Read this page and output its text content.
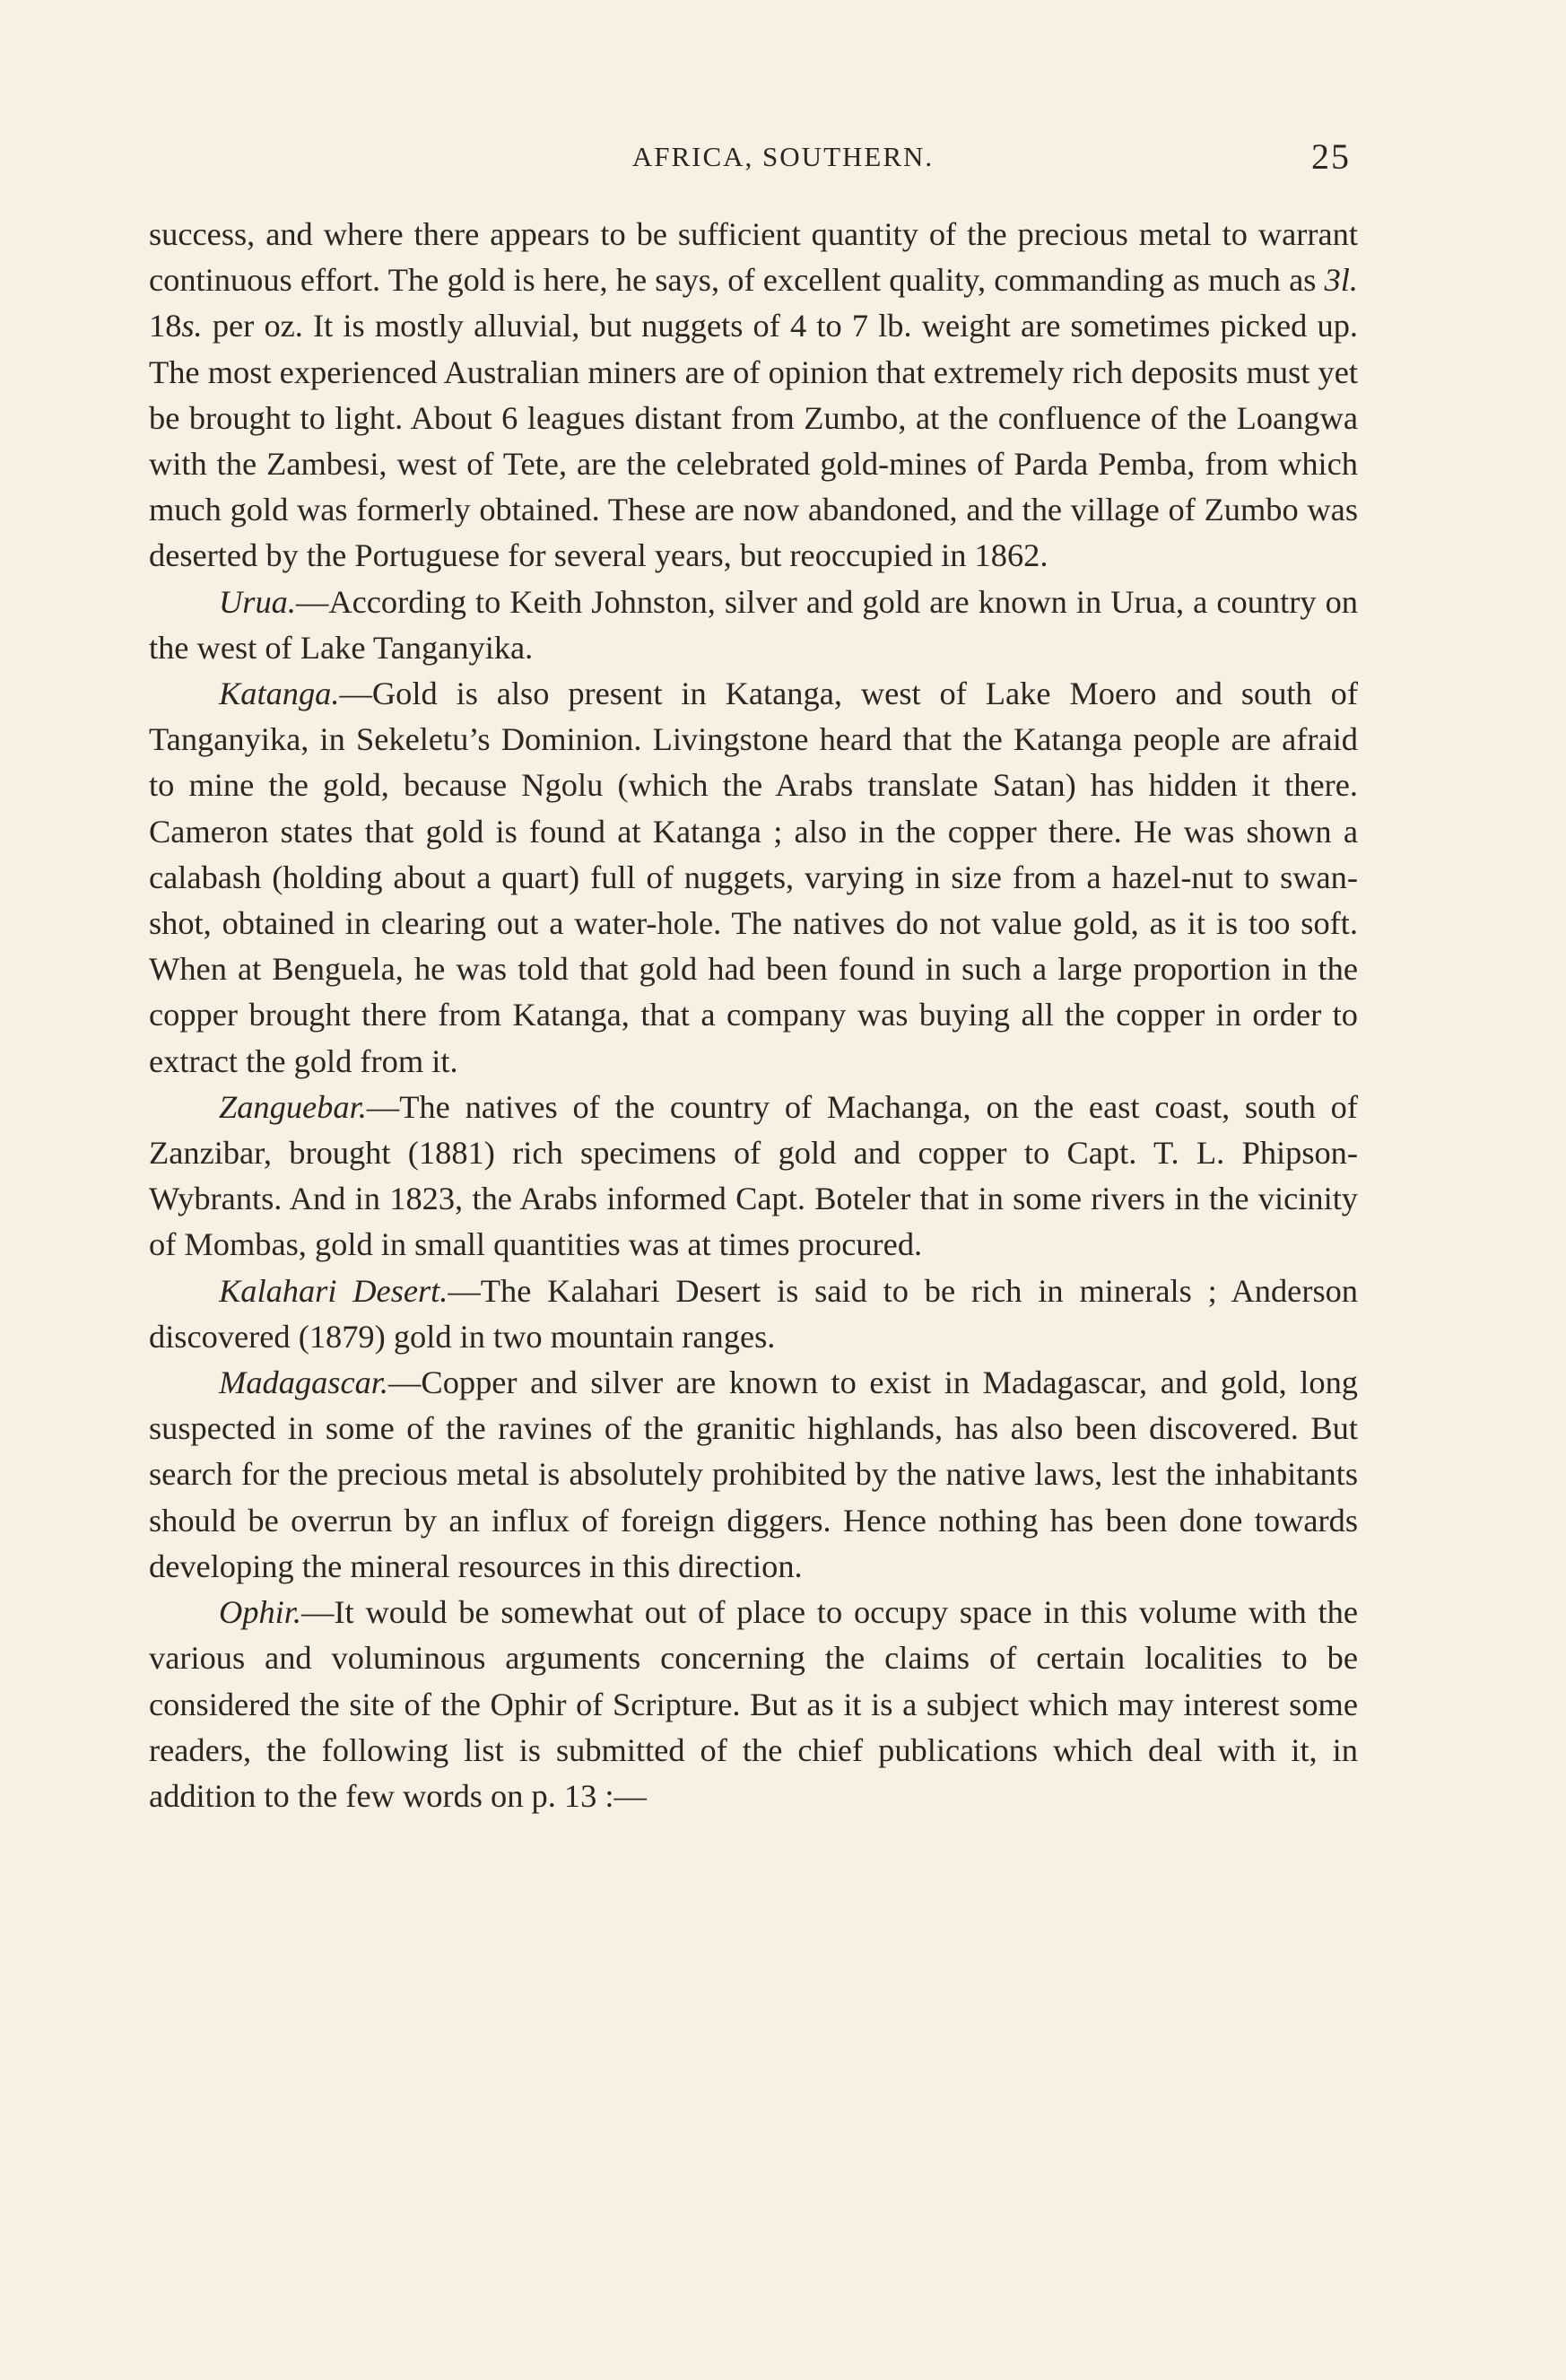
AFRICA, SOUTHERN.	25

success, and where there appears to be sufficient quantity of the precious metal to warrant continuous effort. The gold is here, he says, of excellent quality, commanding as much as 3l. 18s. per oz. It is mostly alluvial, but nuggets of 4 to 7 lb. weight are sometimes picked up. The most experienced Australian miners are of opinion that extremely rich deposits must yet be brought to light. About 6 leagues distant from Zumbo, at the confluence of the Loangwa with the Zambesi, west of Tete, are the celebrated gold-mines of Parda Pemba, from which much gold was formerly obtained. These are now abandoned, and the village of Zumbo was deserted by the Portuguese for several years, but reoccupied in 1862.

Urua.—According to Keith Johnston, silver and gold are known in Urua, a country on the west of Lake Tanganyika.

Katanga.—Gold is also present in Katanga, west of Lake Moero and south of Tanganyika, in Sekeletu’s Dominion. Livingstone heard that the Katanga people are afraid to mine the gold, because Ngolu (which the Arabs translate Satan) has hidden it there. Cameron states that gold is found at Katanga ; also in the copper there. He was shown a calabash (holding about a quart) full of nuggets, varying in size from a hazel-nut to swan-shot, obtained in clearing out a water-hole. The natives do not value gold, as it is too soft. When at Benguela, he was told that gold had been found in such a large proportion in the copper brought there from Katanga, that a company was buying all the copper in order to extract the gold from it.

Zanguebar.—The natives of the country of Machanga, on the east coast, south of Zanzibar, brought (1881) rich specimens of gold and copper to Capt. T. L. Phipson-Wybrants. And in 1823, the Arabs informed Capt. Boteler that in some rivers in the vicinity of Mombas, gold in small quantities was at times procured.

Kalahari Desert.—The Kalahari Desert is said to be rich in minerals ; Anderson discovered (1879) gold in two mountain ranges.

Madagascar.—Copper and silver are known to exist in Madagascar, and gold, long suspected in some of the ravines of the granitic highlands, has also been discovered. But search for the precious metal is absolutely prohibited by the native laws, lest the inhabitants should be overrun by an influx of foreign diggers. Hence nothing has been done towards developing the mineral resources in this direction.

Ophir.—It would be somewhat out of place to occupy space in this volume with the various and voluminous arguments concerning the claims of certain localities to be considered the site of the Ophir of Scripture. But as it is a subject which may interest some readers, the following list is submitted of the chief publications which deal with it, in addition to the few words on p. 13 :—
